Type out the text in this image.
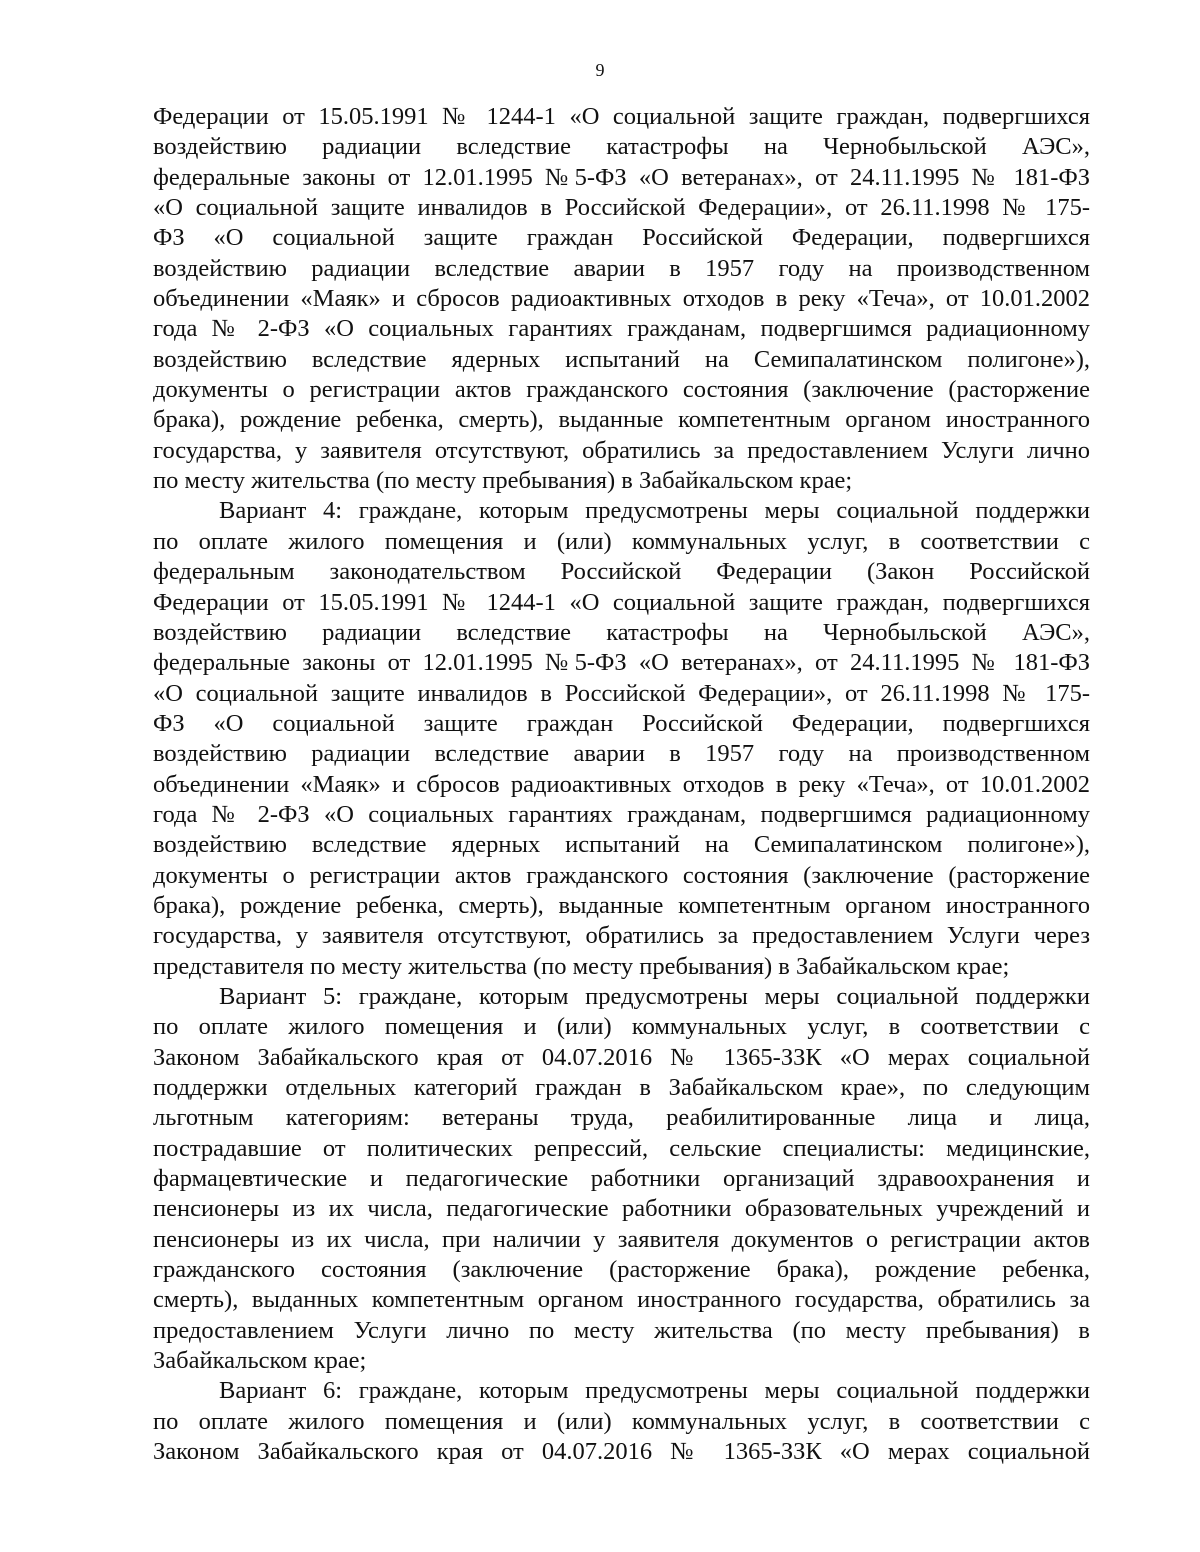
9
Федерации от 15.05.1991 № 1244-1 «О социальной защите граждан, подвергшихся
воздействию радиации вследствие катастрофы на Чернобыльской АЭС»,
федеральные законы от 12.01.1995 №5-ФЗ «О ветеранах», от 24.11.1995 № 181-ФЗ
«О социальной защите инвалидов в Российской Федерации», от 26.11.1998 № 175-
ФЗ «О социальной защите граждан Российской Федерации, подвергшихся
воздействию радиации вследствие аварии в 1957 году на производственном
объединении «Маяк» и сбросов радиоактивных отходов в реку «Теча», от 10.01.2002
года № 2-ФЗ «О социальных гарантиях гражданам, подвергшимся радиационному
воздействию вследствие ядерных испытаний на Семипалатинском полигоне»),
документы о регистрации актов гражданского состояния (заключение (расторжение
брака), рождение ребенка, смерть), выданные компетентным органом иностранного
государства, у заявителя отсутствуют, обратились за предоставлением Услуги лично
по месту жительства (по месту пребывания) в Забайкальском крае;
Вариант 4: граждане, которым предусмотрены меры социальной поддержки
по оплате жилого помещения и (или) коммунальных услуг, в соответствии с
федеральным законодательством Российской Федерации (Закон Российской
Федерации от 15.05.1991 № 1244-1 «О социальной защите граждан, подвергшихся
воздействию радиации вследствие катастрофы на Чернобыльской АЭС»,
федеральные законы от 12.01.1995 №5-ФЗ «О ветеранах», от 24.11.1995 № 181-ФЗ
«О социальной защите инвалидов в Российской Федерации», от 26.11.1998 № 175-
ФЗ «О социальной защите граждан Российской Федерации, подвергшихся
воздействию радиации вследствие аварии в 1957 году на производственном
объединении «Маяк» и сбросов радиоактивных отходов в реку «Теча», от 10.01.2002
года № 2-ФЗ «О социальных гарантиях гражданам, подвергшимся радиационному
воздействию вследствие ядерных испытаний на Семипалатинском полигоне»),
документы о регистрации актов гражданского состояния (заключение (расторжение
брака), рождение ребенка, смерть), выданные компетентным органом иностранного
государства, у заявителя отсутствуют, обратились за предоставлением Услуги через
представителя по месту жительства (по месту пребывания) в Забайкальском крае;
Вариант 5: граждане, которым предусмотрены меры социальной поддержки
по оплате жилого помещения и (или) коммунальных услуг, в соответствии с
Законом Забайкальского края от 04.07.2016 № 1365-ЗЗК «О мерах социальной
поддержки отдельных категорий граждан в Забайкальском крае», по следующим
льготным категориям: ветераны труда, реабилитированные лица и лица,
пострадавшие от политических репрессий, сельские специалисты: медицинские,
фармацевтические и педагогические работники организаций здравоохранения и
пенсионеры из их числа, педагогические работники образовательных учреждений и
пенсионеры из их числа, при наличии у заявителя документов о регистрации актов
гражданского состояния (заключение (расторжение брака), рождение ребенка,
смерть), выданных компетентным органом иностранного государства, обратились за
предоставлением Услуги лично по месту жительства (по месту пребывания) в
Забайкальском крае;
Вариант 6: граждане, которым предусмотрены меры социальной поддержки
по оплате жилого помещения и (или) коммунальных услуг, в соответствии с
Законом Забайкальского края от 04.07.2016 № 1365-ЗЗК «О мерах социальной
